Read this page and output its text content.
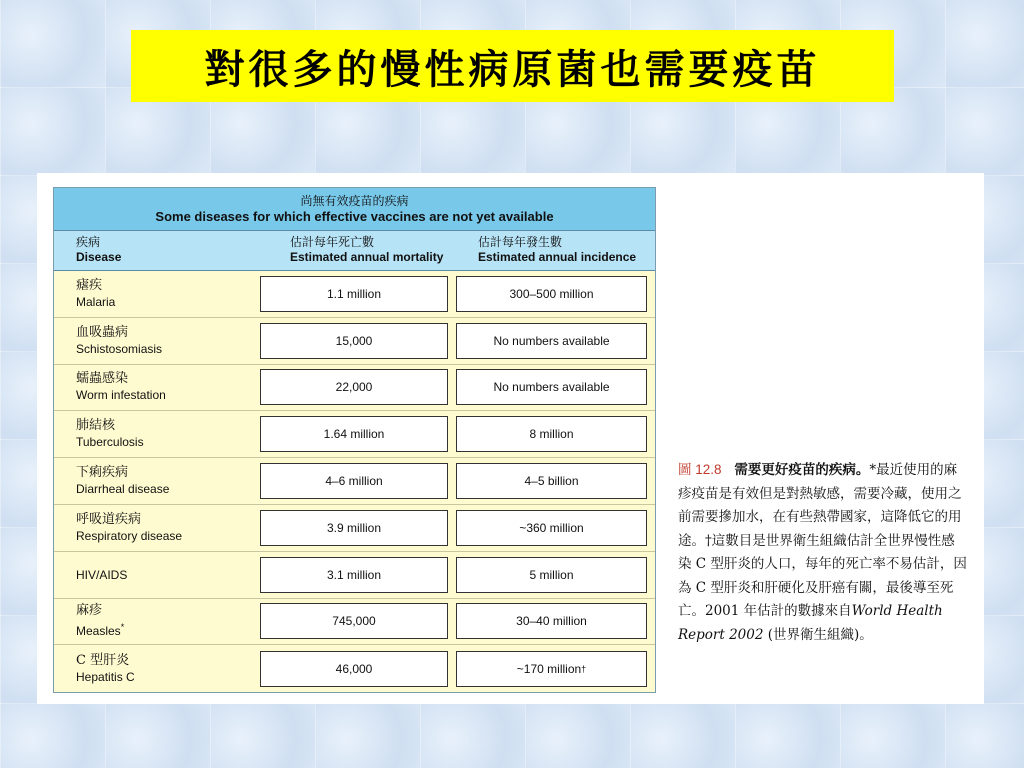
對很多的慢性病原菌也需要疫苗
尚無有效疫苗的疾病
Some diseases for which effective vaccines are not yet available
疾病
Disease
估計每年死亡數
Estimated annual mortality
估計每年發生數
Estimated annual incidence
瘧疾
Malaria
1.1 million	300–500 million
血吸蟲病
Schistosomiasis
15,000	No numbers available
蠕蟲感染
Worm infestation
22,000	No numbers available
肺結核
Tuberculosis
1.64 million	8 million
下痢疾病
Diarrheal disease
4–6 million	4–5 billion
呼吸道疾病
Respiratory disease
3.9 million	~360 million
HIV/AIDS	3.1 million	5 million
麻疹
Measles*	745,000	30–40 million
C 型肝炎
Hepatitis C
46,000	~170 million †
圖 12.8 需要更好疫苗的疾病。*最近使用的麻疹疫苗是有效但是對熱敏感，需要冷藏，使用之前需要摻加水，在有些熱帶國家，這降低它的用途。†這數目是世界衛生組織估計全世界慢性感染 C 型肝炎的人口，每年的死亡率不易估計，因為 C 型肝炎和肝硬化及肝癌有關，最後導至死亡。2001 年估計的數據來自World Health Report 2002 (世界衛生組織)。
